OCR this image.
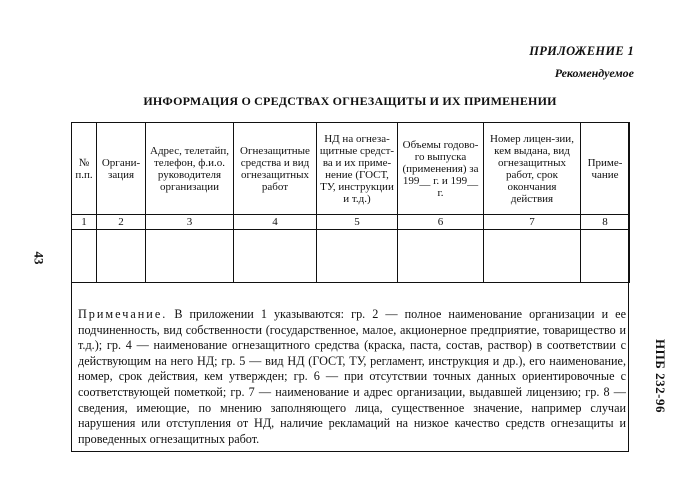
ПРИЛОЖЕНИЕ 1
Рекомендуемое
ИНФОРМАЦИЯ О СРЕДСТВАХ ОГНЕЗАЩИТЫ И ИХ ПРИМЕНЕНИИ
43
НПБ 232-96
№ п.п.	Органи-зация	Адрес, телетайп, телефон, ф.и.о. руководителя организации	Огнезащитные средства и вид огнезащитных работ	НД на огнеза-щитные средст-ва и их приме-нение (ГОСТ, ТУ, инструкции и т.д.)	Объемы годово-го выпуска (применения) за 199__ г. и 199__ г.	Номер лицен-зии, кем выдана, вид огнезащитных работ, срок окончания действия	Приме-чание
1	2	3	4	5	6	7	8

Примечание. В приложении 1 указываются: гр. 2 — полное наименование организации и ее подчиненность, вид собственности (государственное, малое, акционерное предприятие, товарищество и т.д.); гр. 4 — наименование огнезащитного средства (краска, паста, состав, раствор) в соответствии с действующим на него НД; гр. 5 — вид НД (ГОСТ, ТУ, регламент, инструкция и др.), его наименование, номер, срок действия, кем утвержден; гр. 6 — при отсутствии точных данных ориентировочные с соответствующей пометкой; гр. 7 — наименование и адрес организации, выдавшей лицензию; гр. 8 — сведения, имеющие, по мнению заполняющего лица, существенное значение, например случаи нарушения или отступления от НД, наличие рекламаций на низкое качество средств огнезащиты и проведенных огнезащитных работ.
